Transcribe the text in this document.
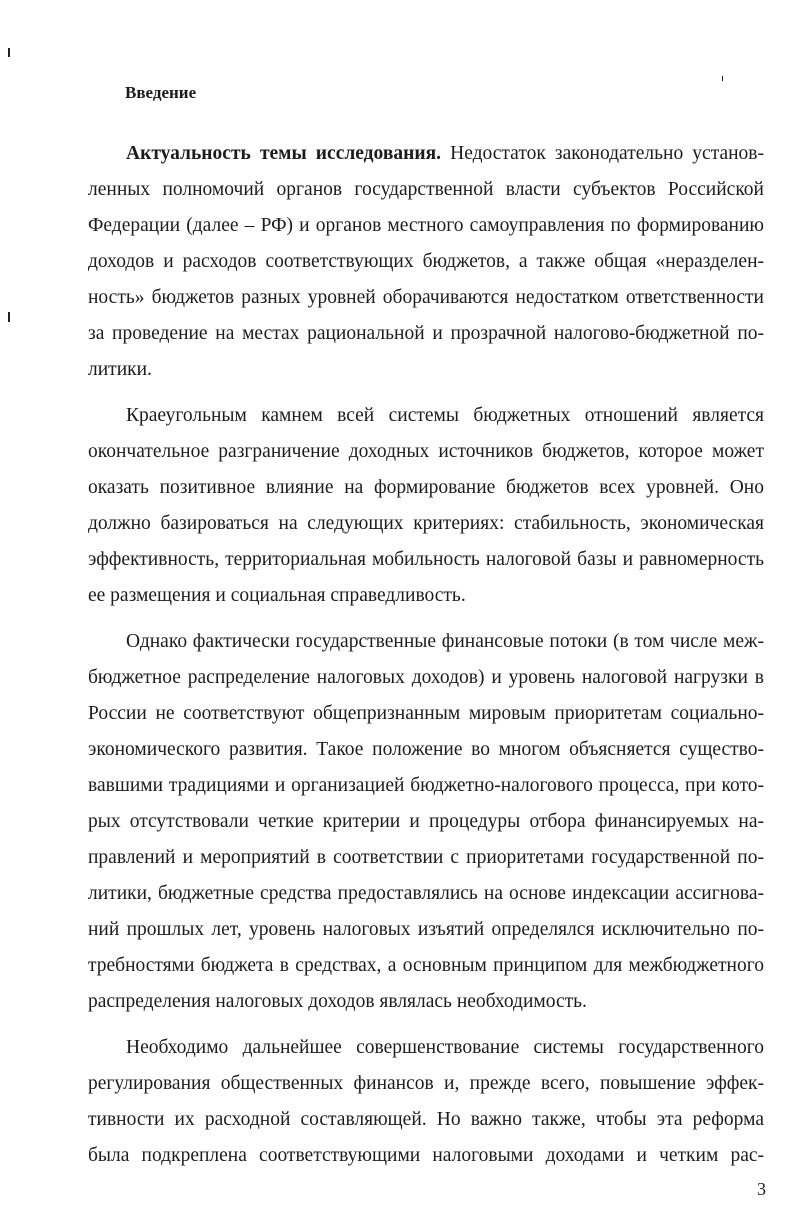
Введение
Актуальность темы исследования. Недостаток законодательно установ-
ленных полномочий органов государственной власти субъектов Российской
Федерации (далее – РФ) и органов местного самоуправления по формированию
доходов и расходов соответствующих бюджетов, а также общая «неразделен-
ность» бюджетов разных уровней оборачиваются недостатком ответственности
за проведение на местах рациональной и прозрачной налогово-бюджетной по-
литики.
Краеугольным камнем всей системы бюджетных отношений является
окончательное разграничение доходных источников бюджетов, которое может
оказать позитивное влияние на формирование бюджетов всех уровней. Оно
должно базироваться на следующих критериях: стабильность, экономическая
эффективность, территориальная мобильность налоговой базы и равномерность
ее размещения и социальная справедливость.
Однако фактически государственные финансовые потоки (в том числе меж-
бюджетное распределение налоговых доходов) и уровень налоговой нагрузки в
России не соответствуют общепризнанным мировым приоритетам социально-
экономического развития. Такое положение во многом объясняется существо-
вавшими традициями и организацией бюджетно-налогового процесса, при кото-
рых отсутствовали четкие критерии и процедуры отбора финансируемых на-
правлений и мероприятий в соответствии с приоритетами государственной по-
литики, бюджетные средства предоставлялись на основе индексации ассигнова-
ний прошлых лет, уровень налоговых изъятий определялся исключительно по-
требностями бюджета в средствах, а основным принципом для межбюджетного
распределения налоговых доходов являлась необходимость.
Необходимо дальнейшее совершенствование системы государственного
регулирования общественных финансов и, прежде всего, повышение эффек-
тивности их расходной составляющей. Но важно также, чтобы эта реформа
была подкреплена соответствующими налоговыми доходами и четким рас-
3
